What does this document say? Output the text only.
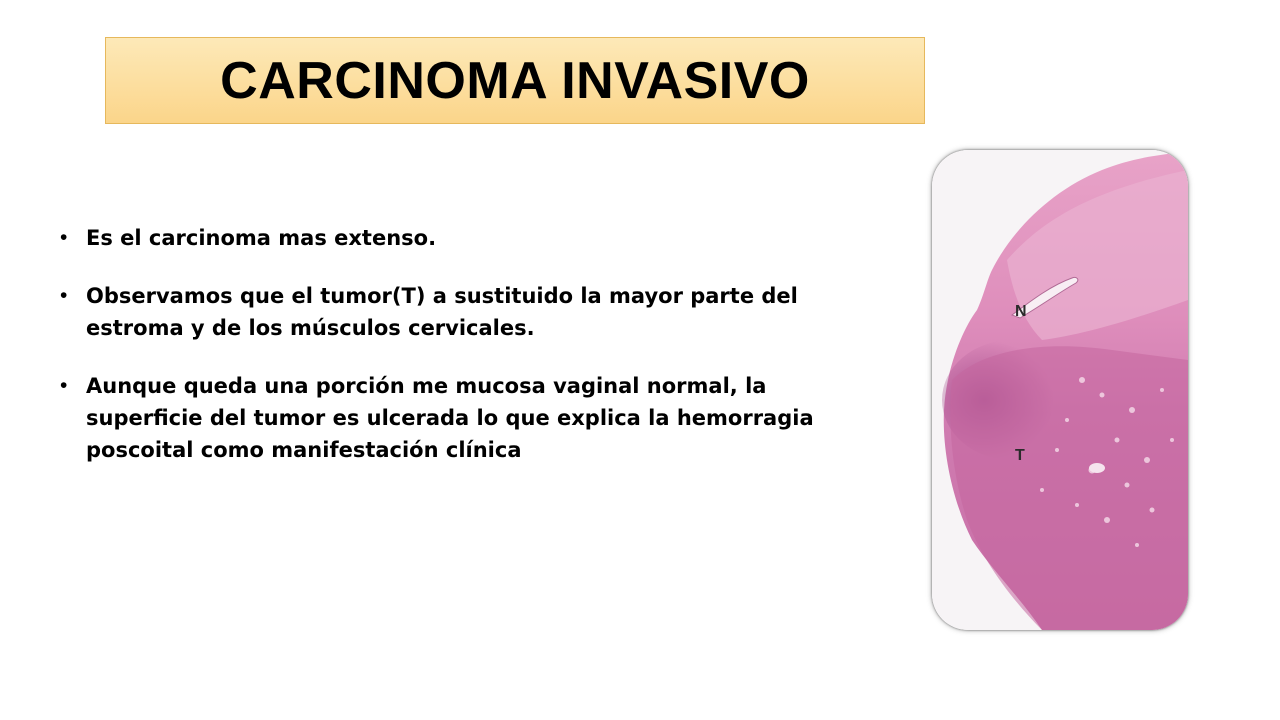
CARCINOMA INVASIVO
• Es el carcinoma mas extenso.
• Observamos que el tumor(T) a sustituido la mayor parte del estroma y de los músculos cervicales.
• Aunque queda una porción me mucosa vaginal normal, la superficie del tumor es ulcerada lo que explica la hemorragia poscoital como manifestación clínica
N
T
